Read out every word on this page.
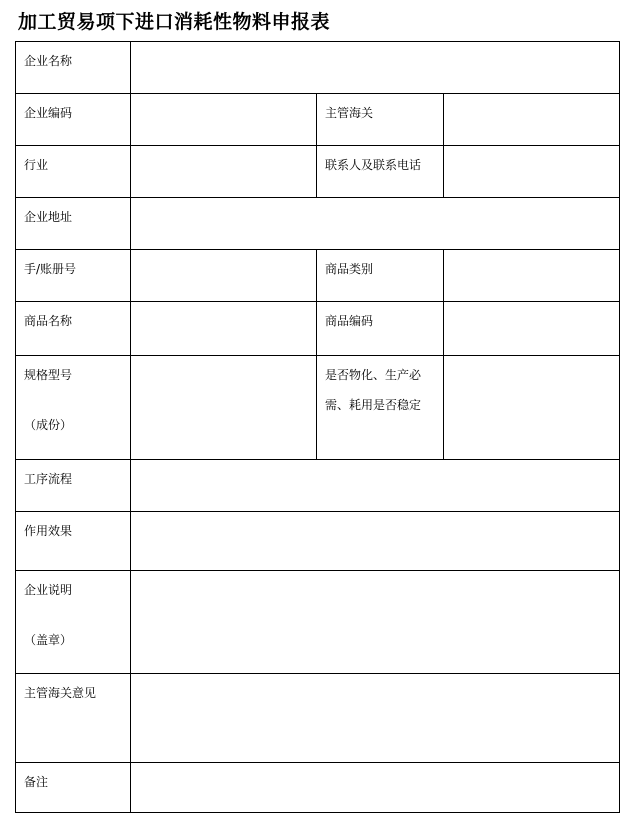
加工贸易项下进口消耗性物料申报表
企业名称			

企业编码		主管海关	

行业		联系人及联系电话	

企业地址			

手/账册号		商品类别	

商品名称		商品编码	

规格型号
（成份）		是否物化、生产必
需、耗用是否稳定	

工序流程			

作用效果			

企业说明
（盖章）			

主管海关意见			

备注			
